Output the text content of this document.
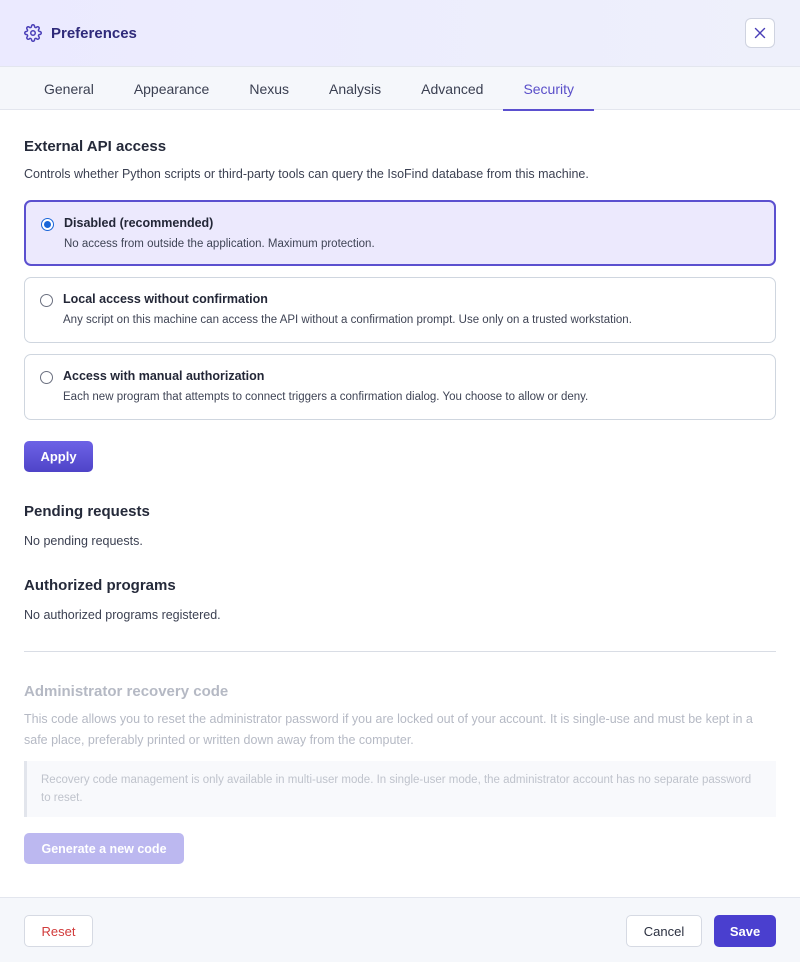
Preferences
General	Appearance	Nexus	Analysis	Advanced	Security
External API access
Controls whether Python scripts or third-party tools can query the IsoFind database from this machine.
Disabled (recommended)
No access from outside the application. Maximum protection.
Local access without confirmation
Any script on this machine can access the API without a confirmation prompt. Use only on a trusted workstation.
Access with manual authorization
Each new program that attempts to connect triggers a confirmation dialog. You choose to allow or deny.
Apply
Pending requests
No pending requests.
Authorized programs
No authorized programs registered.
Administrator recovery code
This code allows you to reset the administrator password if you are locked out of your account. It is single-use and must be kept in a safe place, preferably printed or written down away from the computer.
Recovery code management is only available in multi-user mode. In single-user mode, the administrator account has no separate password to reset.
Generate a new code
Reset	Cancel	Save
